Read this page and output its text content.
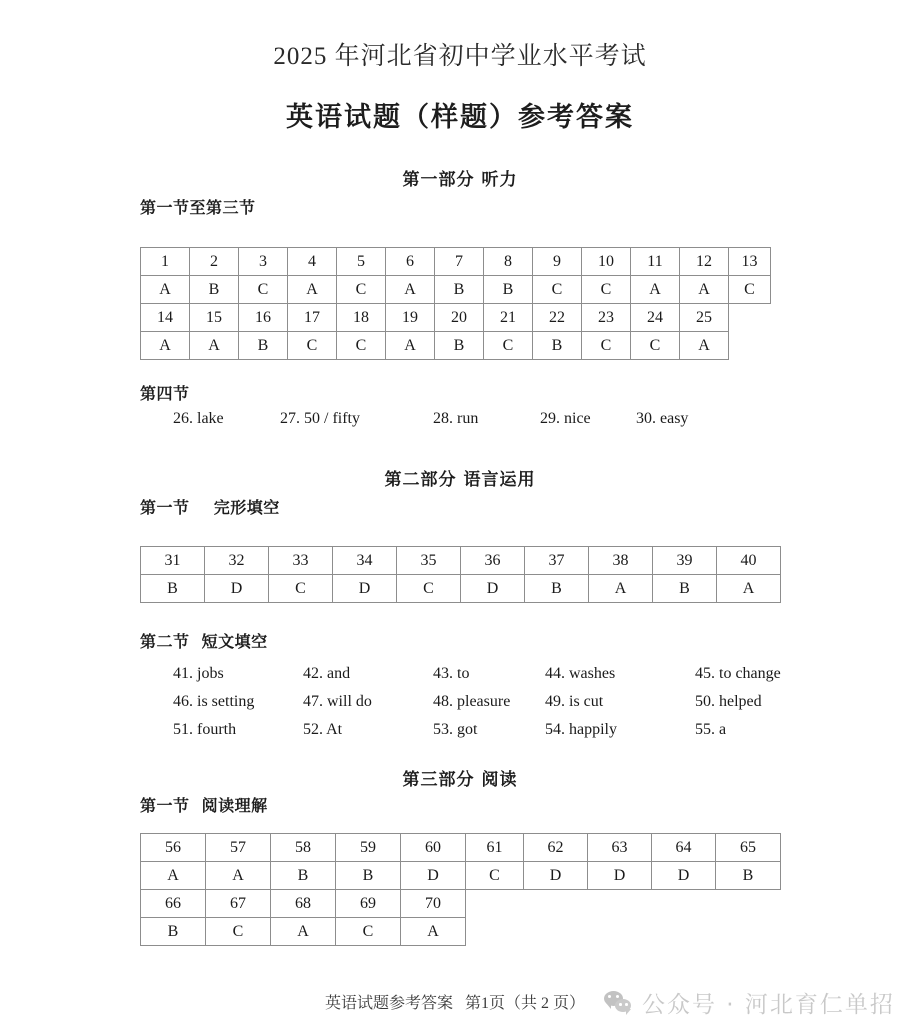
2025 年河北省初中学业水平考试
英语试题（样题）参考答案
第一部分 听力
第一节至第三节
1	2	3	4	5	6	7	8	9	10	11	12	13
A	B	C	A	C	A	B	B	C	C	A	A	C
14	15	16	17	18	19	20	21	22	23	24	25	
A	A	B	C	C	A	B	C	B	C	C	A	
第四节
26. lake	27. 50 / fifty	28. run	29. nice	30. easy
第二部分 语言运用
第一节    完形填空
31	32	33	34	35	36	37	38	39	40
B	D	C	D	C	D	B	A	B	A
第二节  短文填空
41. jobs	42. and	43. to	44. washes	45. to change
46. is setting	47. will do	48. pleasure 49. is cut	50. helped
51. fourth	52. At	53. got	54. happily	55. a
第三部分 阅读
第一节  阅读理解
56	57	58	59	60	61	62	63	64	65
A	A	B	B	D	C	D	D	D	B
66	67	68	69	70					
B	C	A	C	A					
英语试题参考答案   第1页（共 2 页） 公众号 · 河北育仁单招
